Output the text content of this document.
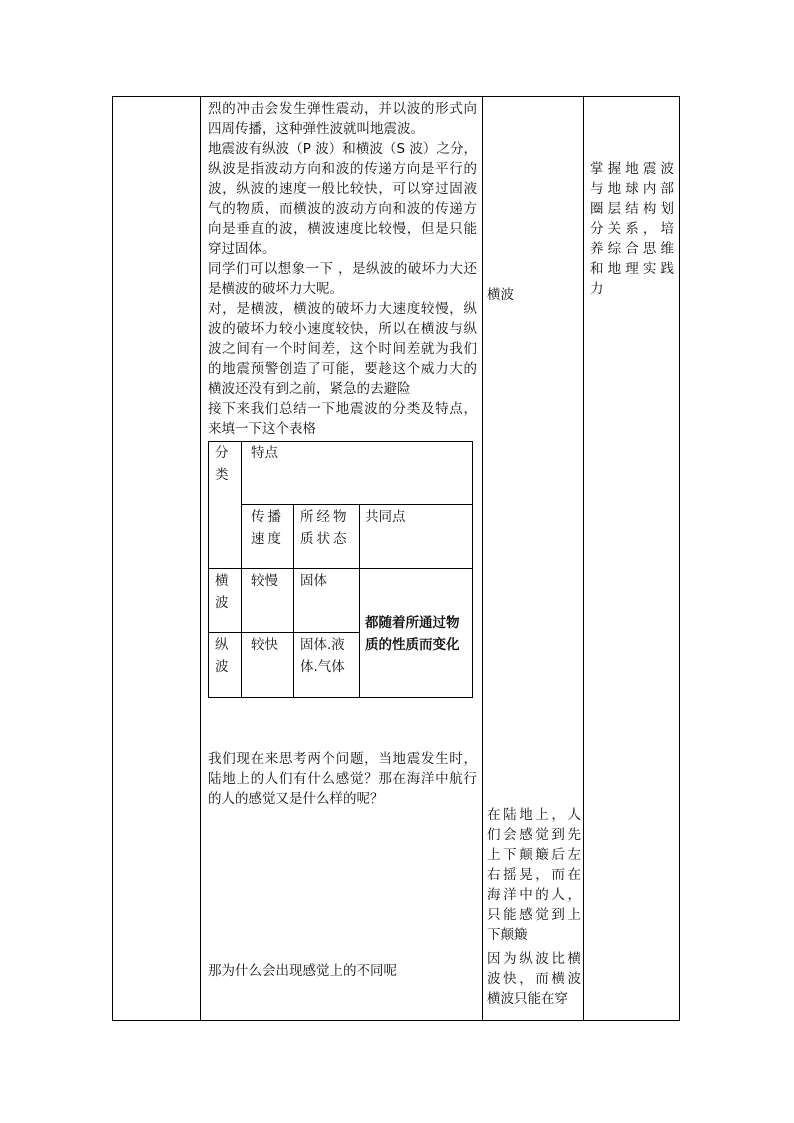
烈的冲击会发生弹性震动，并以波的形式向四周传播，这种弹性波就叫地震波。

地震波有纵波（P 波）和横波（S 波）之分，纵波是指波动方向和波的传递方向是平行的波，纵波的速度一般比较快，可以穿过固液气的物质，而横波的波动方向和波的传递方向是垂直的波，横波速度比较慢，但是只能穿过固体。

同学们可以想象一下 ，是纵波的破坏力大还是横波的破坏力大呢。

对，是横波，横波的破坏力大速度较慢，纵波的破坏力较小速度较快，所以在横波与纵波之间有一个时间差，这个时间差就为我们的地震预警创造了可能，要趁这个威力大的横波还没有到之前，紧急的去避险

接下来我们总结一下地震波的分类及特点，来填一下这个表格

分类
特点
传播速度
所经物质状态
共同点
横波
较慢 固体
纵波
较快 固体.液体.气体
都随着所通过物质的性质而变化

我们现在来思考两个问题，当地震发生时，陆地上的人们有什么感觉？那在海洋中航行的人的感觉又是什么样的呢？

那为什么会出现感觉上的不同呢

横波

在陆地上，人们会感觉到先上下颠簸后左右摇晃，而在海洋中的人，只能感觉到上下颠簸

因为纵波比横波快，而横波横波只能在穿

掌握地震波与地球内部圈层结构划分关系，培养综合思维和地理实践力
